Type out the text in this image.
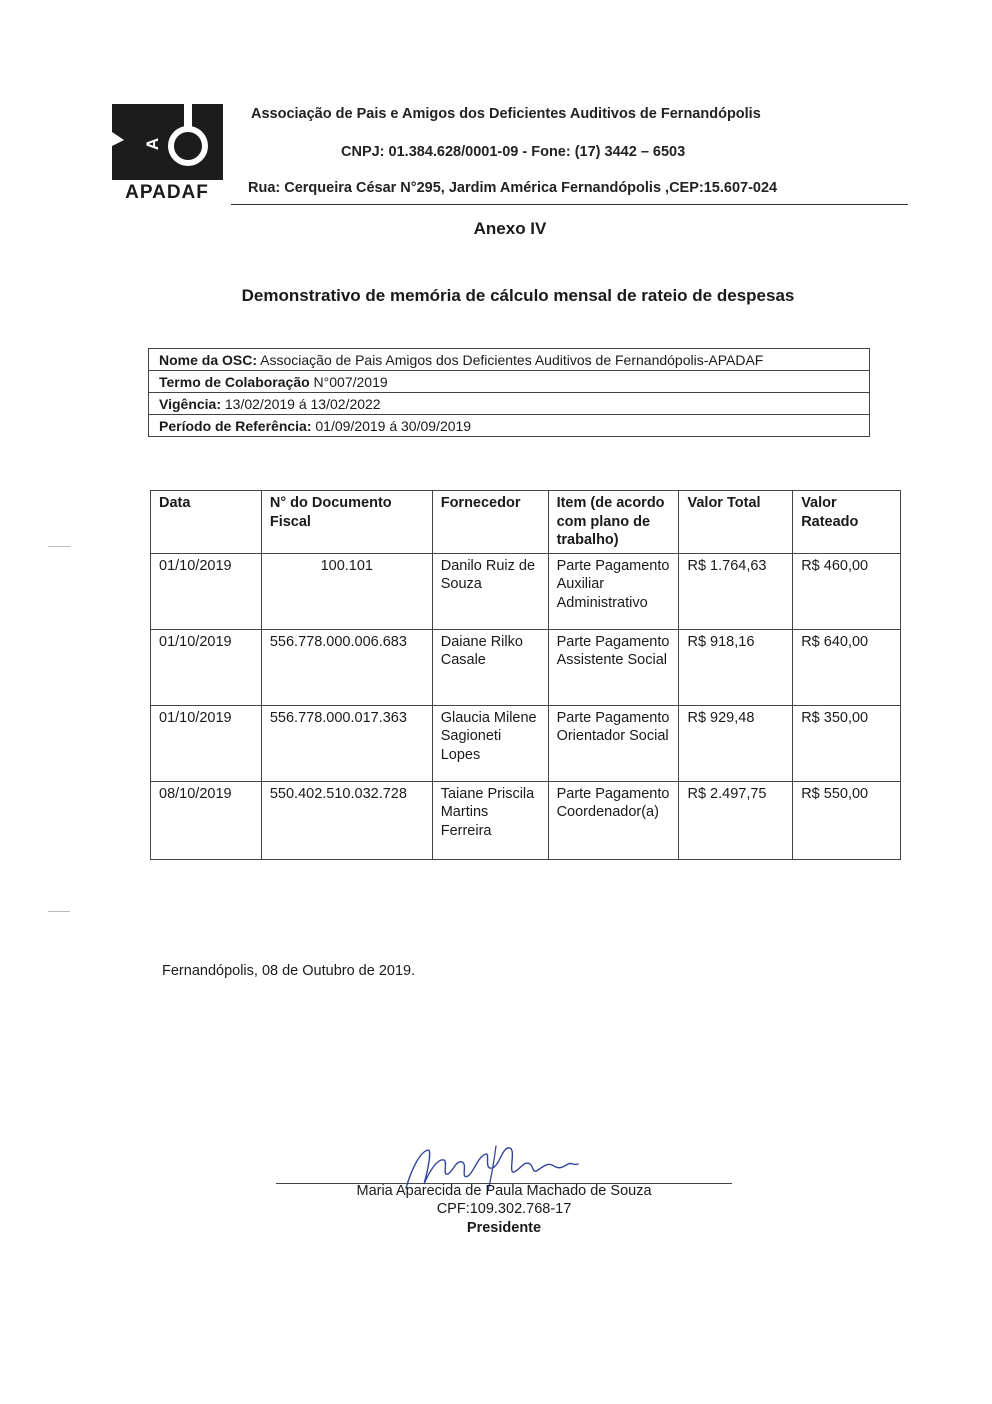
A
APADAF
Associação de Pais e Amigos dos Deficientes Auditivos de Fernandópolis
CNPJ: 01.384.628/0001-09 - Fone: (17) 3442 – 6503
Rua: Cerqueira César N°295, Jardim América Fernandópolis ,CEP:15.607-024
Anexo IV
Demonstrativo de memória de cálculo mensal de rateio de despesas
Nome da OSC: Associação de Pais Amigos dos Deficientes Auditivos de Fernandópolis-APADAF
Termo de Colaboração N°007/2019
Vigência: 13/02/2019 á 13/02/2022
Período de Referência: 01/09/2019 á 30/09/2019
Data	N° do Documento Fiscal	Fornecedor	Item (de acordo com plano de trabalho)	Valor Total	Valor Rateado
01/10/2019	100.101	Danilo Ruiz de Souza	Parte Pagamento Auxiliar Administrativo	R$ 1.764,63	R$ 460,00
01/10/2019	556.778.000.006.683	Daiane Rilko Casale	Parte Pagamento Assistente Social	R$ 918,16	R$ 640,00
01/10/2019	556.778.000.017.363	Glaucia Milene Sagioneti Lopes	Parte Pagamento Orientador Social	R$ 929,48	R$ 350,00
08/10/2019	550.402.510.032.728	Taiane Priscila Martins Ferreira	Parte Pagamento Coordenador(a)	R$ 2.497,75	R$ 550,00
Fernandópolis, 08 de Outubro de 2019.
Maria Aparecida de Paula Machado de Souza
CPF:109.302.768-17
Presidente
